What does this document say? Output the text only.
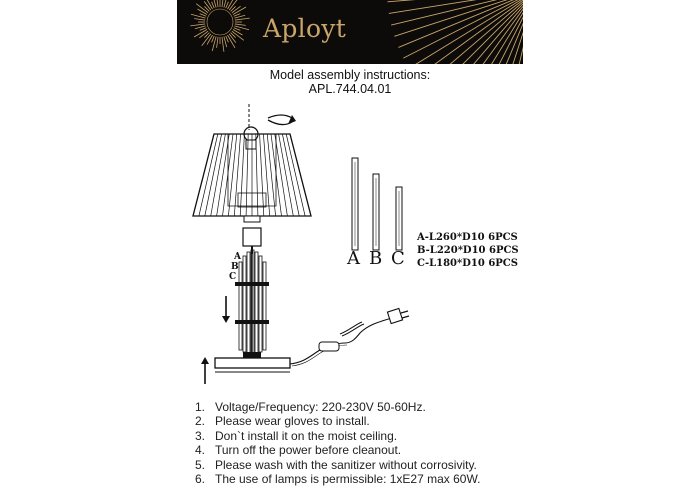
Aployt
Model assembly instructions:
APL.744.04.01
A
B
C
A B C
A-L260*D10 6PCS
B-L220*D10 6PCS
C-L180*D10 6PCS
1. Voltage/Frequency: 220-230V 50-60Hz.
2. Please wear gloves to install.
3. Don`t install it on the moist ceiling.
4. Turn off the power before cleanout.
5. Please wash with the sanitizer without corrosivity.
6. The use of lamps is permissible: 1xE27 max 60W.
